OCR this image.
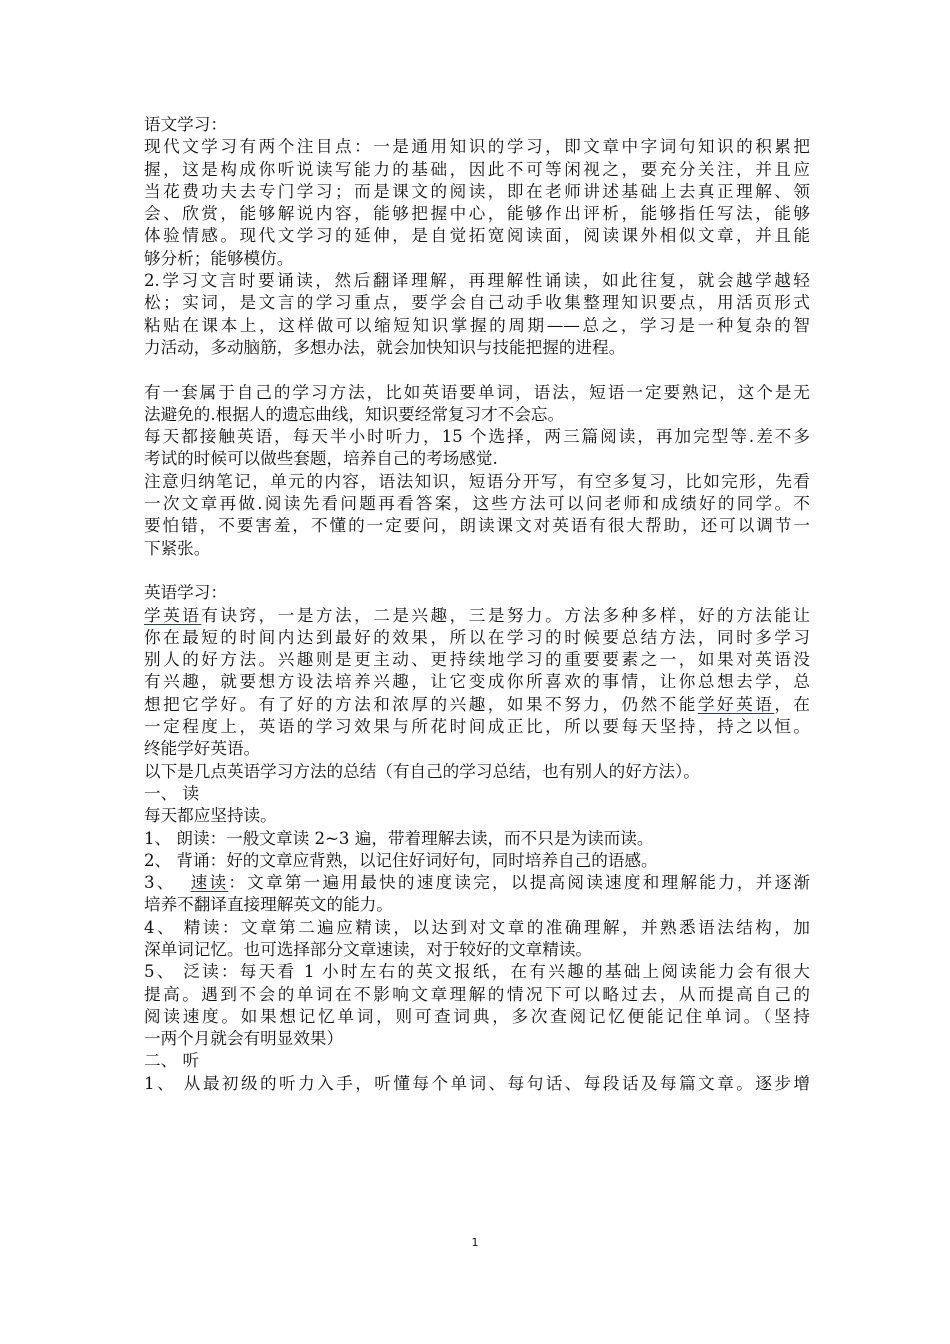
语文学习：
现代文学习有两个注目点：一是通用知识的学习，即文章中字词句知识的积累把
握，这是构成你听说读写能力的基础，因此不可等闲视之，要充分关注，并且应
当花费功夫去专门学习；而是课文的阅读，即在老师讲述基础上去真正理解、领
会、欣赏，能够解说内容，能够把握中心，能够作出评析，能够指任写法，能够
体验情感。现代文学习的延伸，是自觉拓宽阅读面，阅读课外相似文章，并且能
够分析；能够模仿。
2.学习文言时要诵读，然后翻译理解，再理解性诵读，如此往复，就会越学越轻
松；实词，是文言的学习重点，要学会自己动手收集整理知识要点，用活页形式
粘贴在课本上，这样做可以缩短知识掌握的周期——总之，学习是一种复杂的智
力活动，多动脑筋，多想办法，就会加快知识与技能把握的进程。
有一套属于自己的学习方法，比如英语要单词，语法，短语一定要熟记，这个是无
法避免的.根据人的遗忘曲线，知识要经常复习才不会忘。
每天都接触英语，每天半小时听力，15 个选择，两三篇阅读，再加完型等.差不多
考试的时候可以做些套题，培养自己的考场感觉.
注意归纳笔记，单元的内容，语法知识，短语分开写，有空多复习，比如完形，先看
一次文章再做.阅读先看问题再看答案，这些方法可以问老师和成绩好的同学。不
要怕错，不要害羞，不懂的一定要问，朗读课文对英语有很大帮助，还可以调节一
下紧张。
英语学习：
学英语有诀窍，一是方法，二是兴趣，三是努力。方法多种多样，好的方法能让
你在最短的时间内达到最好的效果，所以在学习的时候要总结方法，同时多学习
别人的好方法。兴趣则是更主动、更持续地学习的重要要素之一，如果对英语没
有兴趣，就要想方设法培养兴趣，让它变成你所喜欢的事情，让你总想去学，总
想把它学好。有了好的方法和浓厚的兴趣，如果不努力，仍然不能学好英语，在
一定程度上，英语的学习效果与所花时间成正比，所以要每天坚持，持之以恒。
终能学好英语。
以下是几点英语学习方法的总结（有自己的学习总结，也有别人的好方法）。
一、 读
每天都应坚持读。
1、 朗读：一般文章读 2~3 遍，带着理解去读，而不只是为读而读。
2、 背诵：好的文章应背熟，以记住好词好句，同时培养自己的语感。
3、  速读：文章第一遍用最快的速度读完，以提高阅读速度和理解能力，并逐渐
培养不翻译直接理解英文的能力。
4、 精读：文章第二遍应精读，以达到对文章的准确理解，并熟悉语法结构，加
深单词记忆。也可选择部分文章速读，对于较好的文章精读。
5、 泛读：每天看 1 小时左右的英文报纸，在有兴趣的基础上阅读能力会有很大
提高。遇到不会的单词在不影响文章理解的情况下可以略过去，从而提高自己的
阅读速度。如果想记忆单词，则可查词典，多次查阅记忆便能记住单词。（坚持
一两个月就会有明显效果）
二、 听
1、 从最初级的听力入手，听懂每个单词、每句话、每段话及每篇文章。逐步增
1
